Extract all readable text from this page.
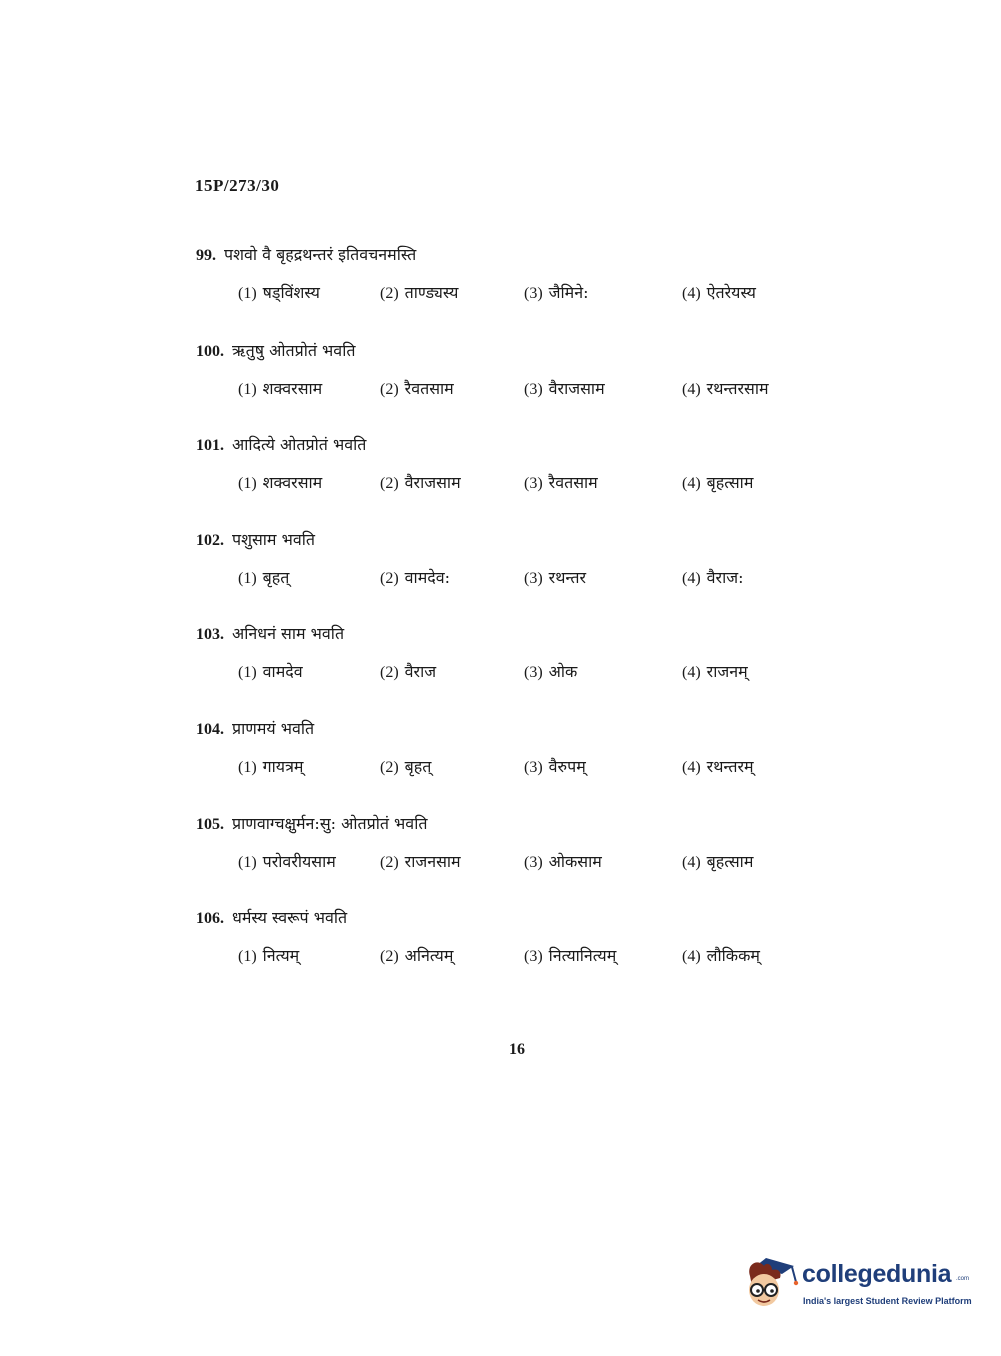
15P/273/30
99. पशवो वै बृहद्रथन्तरं इतिवचनमस्ति
(1) षड्विंशस्य	(2) ताण्ड्यस्य	(3) जैमिने:	(4) ऐतरेयस्य
100. ऋतुषु ओतप्रोतं भवति
(1) शक्वरसाम	(2) रैवतसाम	(3) वैराजसाम	(4) रथन्तरसाम
101. आदित्ये ओतप्रोतं भवति
(1) शक्वरसाम	(2) वैराजसाम	(3) रैवतसाम	(4) बृहत्साम
102. पशुसाम भवति
(1) बृहत्	(2) वामदेव:	(3) रथन्तर	(4) वैराज:
103. अनिधनं साम भवति
(1) वामदेव	(2) वैराज	(3) ओक	(4) राजनम्
104. प्राणमयं भवति
(1) गायत्रम्	(2) बृहत्	(3) वैरुपम्	(4) रथन्तरम्
105. प्राणवाग्चक्षुर्मन:सु: ओतप्रोतं भवति
(1) परोवरीयसाम	(2) राजनसाम	(3) ओकसाम	(4) बृहत्साम
106. धर्मस्य स्वरूपं भवति
(1) नित्यम्	(2) अनित्यम्	(3) नित्यानित्यम्	(4) लौकिकम्
16
collegedunia .com
India's largest Student Review Platform
